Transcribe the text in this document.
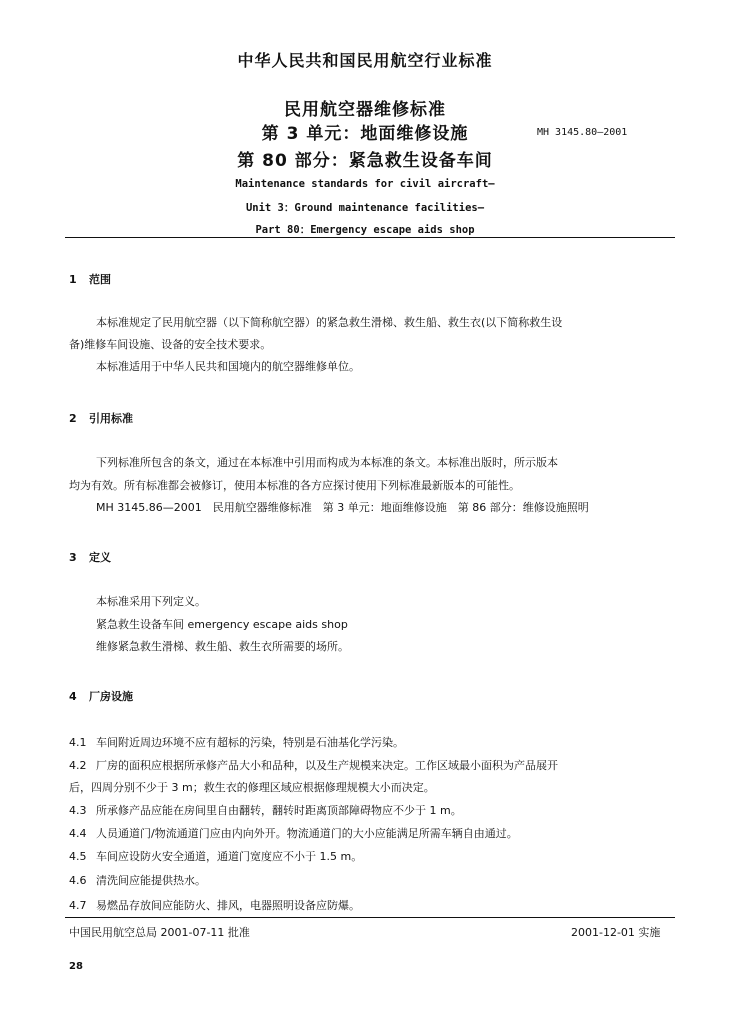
中华人民共和国民用航空行业标准
民用航空器维修标准
第 3 单元：地面维修设施
第 80 部分：紧急救生设备车间
MH 3145.80—2001
Maintenance standards for civil aircraft—
Unit 3：Ground maintenance facilities—
Part 80：Emergency escape aids shop
1 范围
本标准规定了民用航空器（以下简称航空器）的紧急救生滑梯、救生船、救生衣(以下简称救生设
备)维修车间设施、设备的安全技术要求。
本标准适用于中华人民共和国境内的航空器维修单位。
2 引用标准
下列标准所包含的条文，通过在本标准中引用而构成为本标准的条文。本标准出版时，所示版本
均为有效。所有标准都会被修订，使用本标准的各方应探讨使用下列标准最新版本的可能性。
MH 3145.86—2001　民用航空器维修标准　第 3 单元：地面维修设施　第 86 部分：维修设施照明
3 定义
本标准采用下列定义。
紧急救生设备车间 emergency escape aids shop
维修紧急救生滑梯、救生船、救生衣所需要的场所。
4 厂房设施
4.1 车间附近周边环境不应有超标的污染，特别是石油基化学污染。
4.2 厂房的面积应根据所承修产品大小和品种，以及生产规模来决定。工作区域最小面积为产品展开
后，四周分别不少于 3 m；救生衣的修理区域应根据修理规模大小而决定。
4.3 所承修产品应能在房间里自由翻转，翻转时距离顶部障碍物应不少于 1 m。
4.4 人员通道门/物流通道门应由内向外开。物流通道门的大小应能满足所需车辆自由通过。
4.5 车间应设防火安全通道，通道门宽度应不小于 1.5 m。
4.6 清洗间应能提供热水。
4.7 易燃品存放间应能防火、排风，电器照明设备应防爆。
中国民用航空总局 2001-07-11 批准	2001-12-01 实施
28
